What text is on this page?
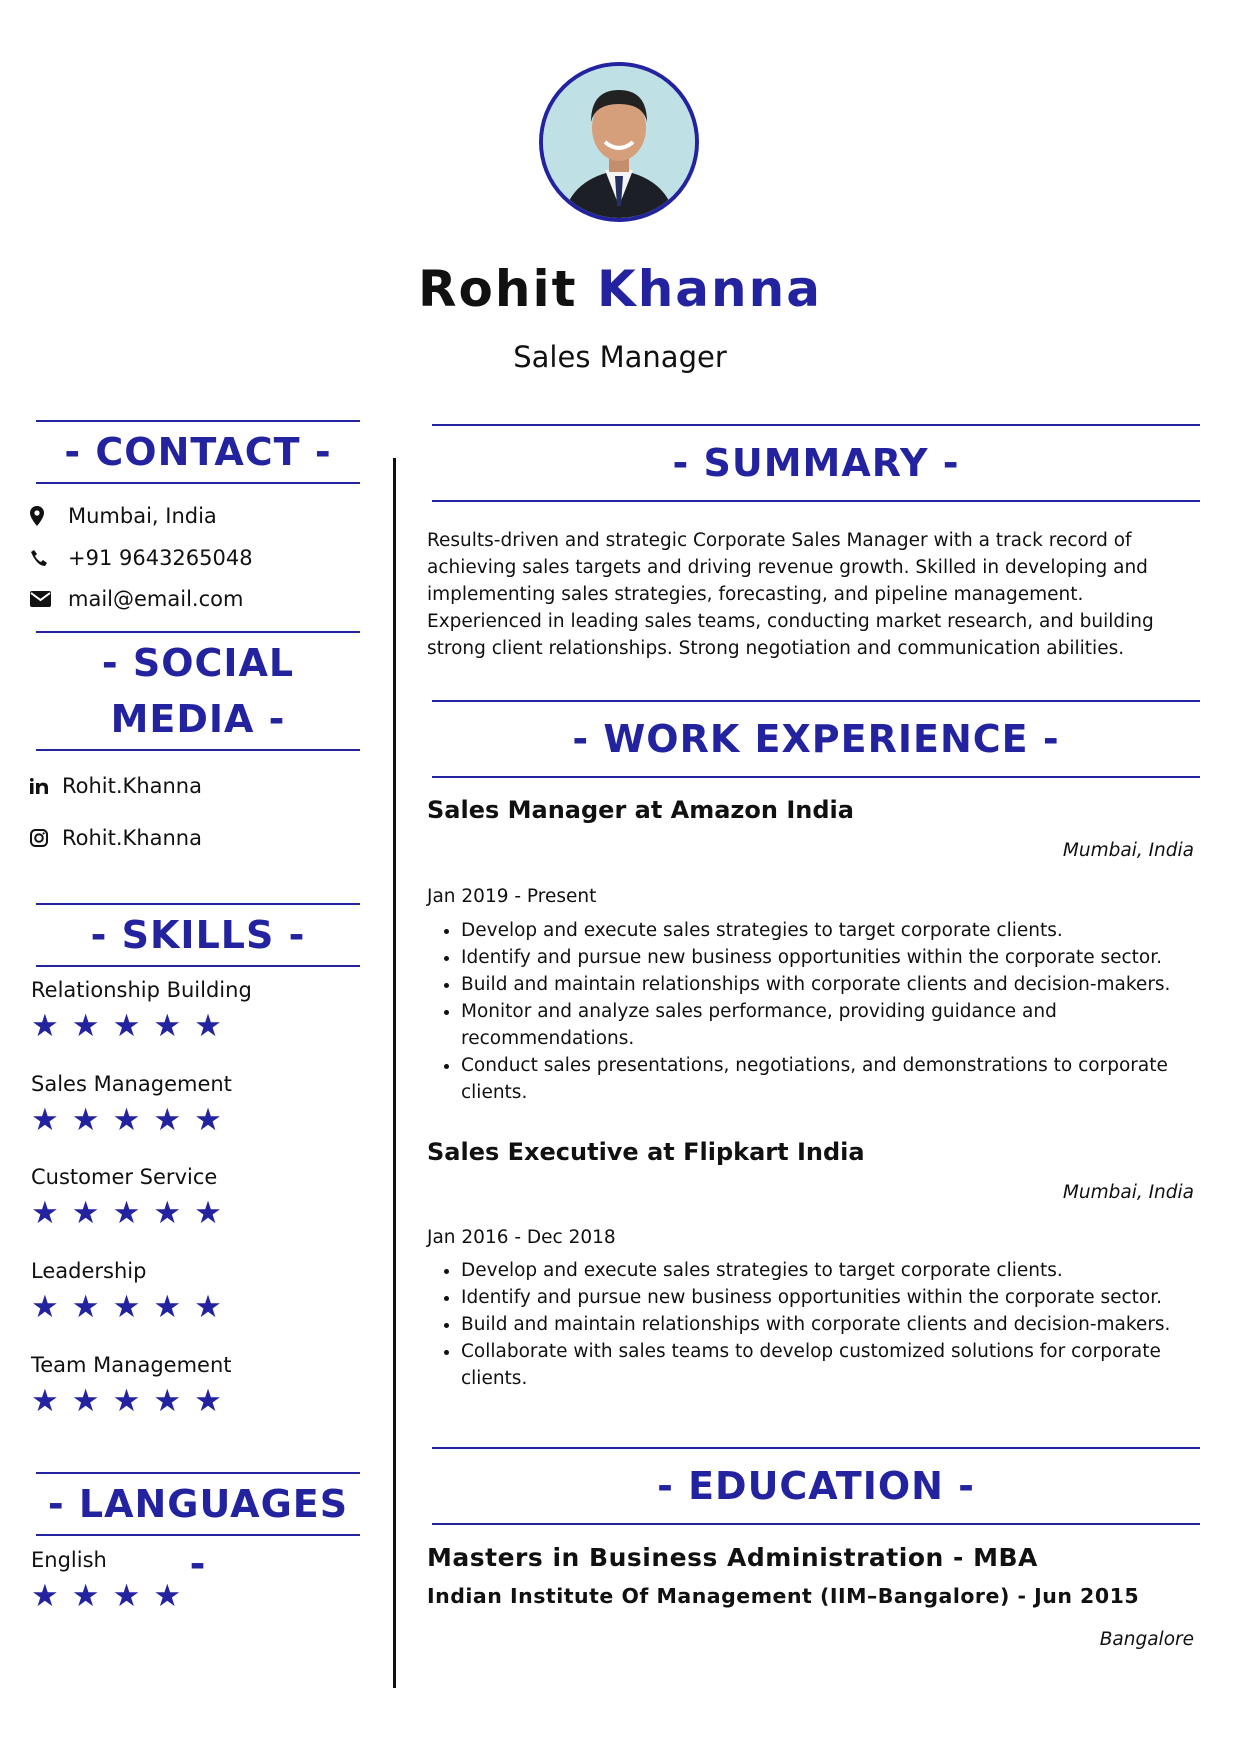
Rohit Khanna
Sales Manager
- CONTACT -
Mumbai, India
+91 9643265048
mail@email.com
- SOCIAL
MEDIA -
Rohit.Khanna
Rohit.Khanna
- SKILLS -
Relationship Building
★★★★★
Sales Management
★★★★★
Customer Service
★★★★★
Leadership
★★★★★
Team Management
★★★★★
- LANGUAGES -
English
★★★★
- SUMMARY -
Results-driven and strategic Corporate Sales Manager with a track record of achieving sales targets and driving revenue growth. Skilled in developing and implementing sales strategies, forecasting, and pipeline management. Experienced in leading sales teams, conducting market research, and building strong client relationships. Strong negotiation and communication abilities.
- WORK EXPERIENCE -
Sales Manager at Amazon India
Mumbai, India
Jan 2019 - Present
• Develop and execute sales strategies to target corporate clients.
• Identify and pursue new business opportunities within the corporate sector.
• Build and maintain relationships with corporate clients and decision-makers.
• Monitor and analyze sales performance, providing guidance and recommendations.
• Conduct sales presentations, negotiations, and demonstrations to corporate clients.
Sales Executive at Flipkart India
Mumbai, India
Jan 2016 - Dec 2018
• Develop and execute sales strategies to target corporate clients.
• Identify and pursue new business opportunities within the corporate sector.
• Build and maintain relationships with corporate clients and decision-makers.
• Collaborate with sales teams to develop customized solutions for corporate clients.
- EDUCATION -
Masters in Business Administration - MBA
Indian Institute Of Management (IIM–Bangalore) - Jun 2015
Bangalore
